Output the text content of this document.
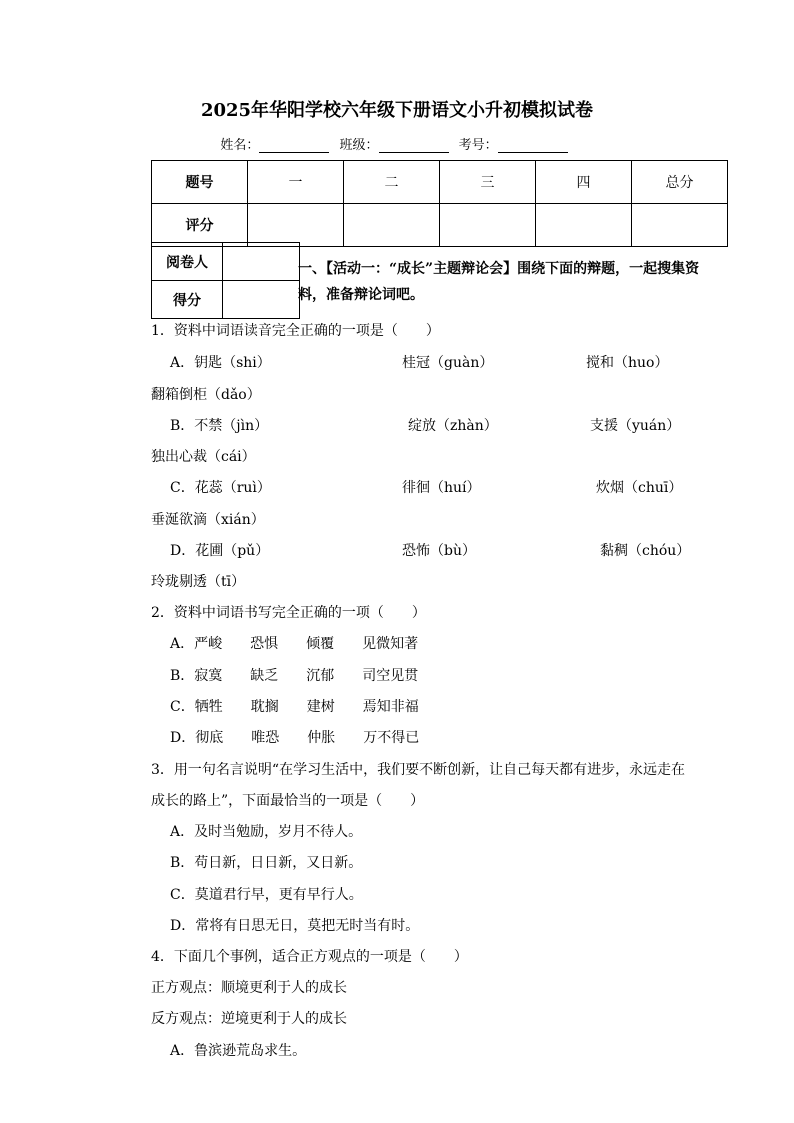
2025年华阳学校六年级下册语文小升初模拟试卷
姓名：	班级：	考号：
题号	一	二	三	四	总分
评分					
阅卷人	
得分	
一、【活动一：“成长”主题辩论会】围绕下面的辩题，一起搜集资料，准备辩论词吧。
1．资料中词语读音完全正确的一项是（　　）
A．钥匙（shi）	桂冠（guàn）	搅和（huo）
翻箱倒柜（dǎo）
B．不禁（jìn）	绽放（zhàn）	支援（yuán）
独出心裁（cái）
C．花蕊（ruì）	徘徊（huí）	炊烟（chuī）
垂涎欲滴（xián）
D．花圃（pǔ）	恐怖（bù）	黏稠（chóu）
玲珑剔透（tī）
2．资料中词语书写完全正确的一项（　　）
A．严峻　　恐惧　　倾覆　　见微知著
B．寂寞　　缺乏　　沉郁　　司空见贯
C．牺牲　　耽搁　　建树　　焉知非福
D．彻底　　唯恐　　仲胀　　万不得已
3．用一句名言说明“在学习生活中，我们要不断创新，让自己每天都有进步，永远走在
成长的路上”，下面最恰当的一项是（　　）
A．及时当勉励，岁月不待人。
B．苟日新，日日新，又日新。
C．莫道君行早，更有早行人。
D．常将有日思无日，莫把无时当有时。
4．下面几个事例，适合正方观点的一项是（　　）
正方观点：顺境更利于人的成长
反方观点：逆境更利于人的成长
A．鲁滨逊荒岛求生。
